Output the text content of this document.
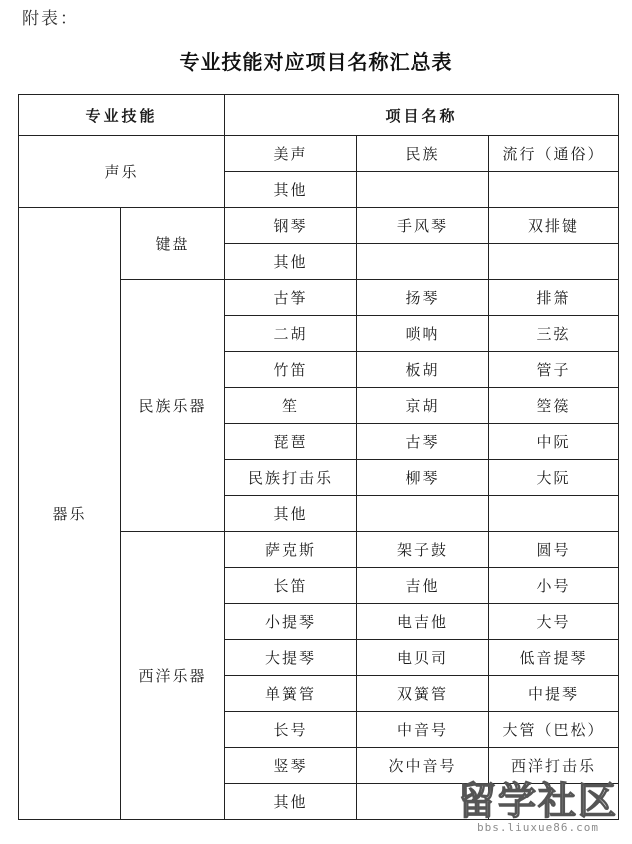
附表：
专业技能对应项目名称汇总表
专业技能		项目名称		
声乐		美声	民族	流行（通俗）
		其他		
器乐	键盘	钢琴	手风琴	双排键
		其他		
	民族乐器	古筝	扬琴	排箫
		二胡	唢呐	三弦
		竹笛	板胡	管子
		笙	京胡	箜篌
		琵琶	古琴	中阮
		民族打击乐	柳琴	大阮
		其他		
	西洋乐器	萨克斯	架子鼓	圆号
		长笛	吉他	小号
		小提琴	电吉他	大号
		大提琴	电贝司	低音提琴
		单簧管	双簧管	中提琴
		长号	中音号	大管（巴松）
		竖琴	次中音号	西洋打击乐
		其他			留学社区
bbs.liuxue86.com
